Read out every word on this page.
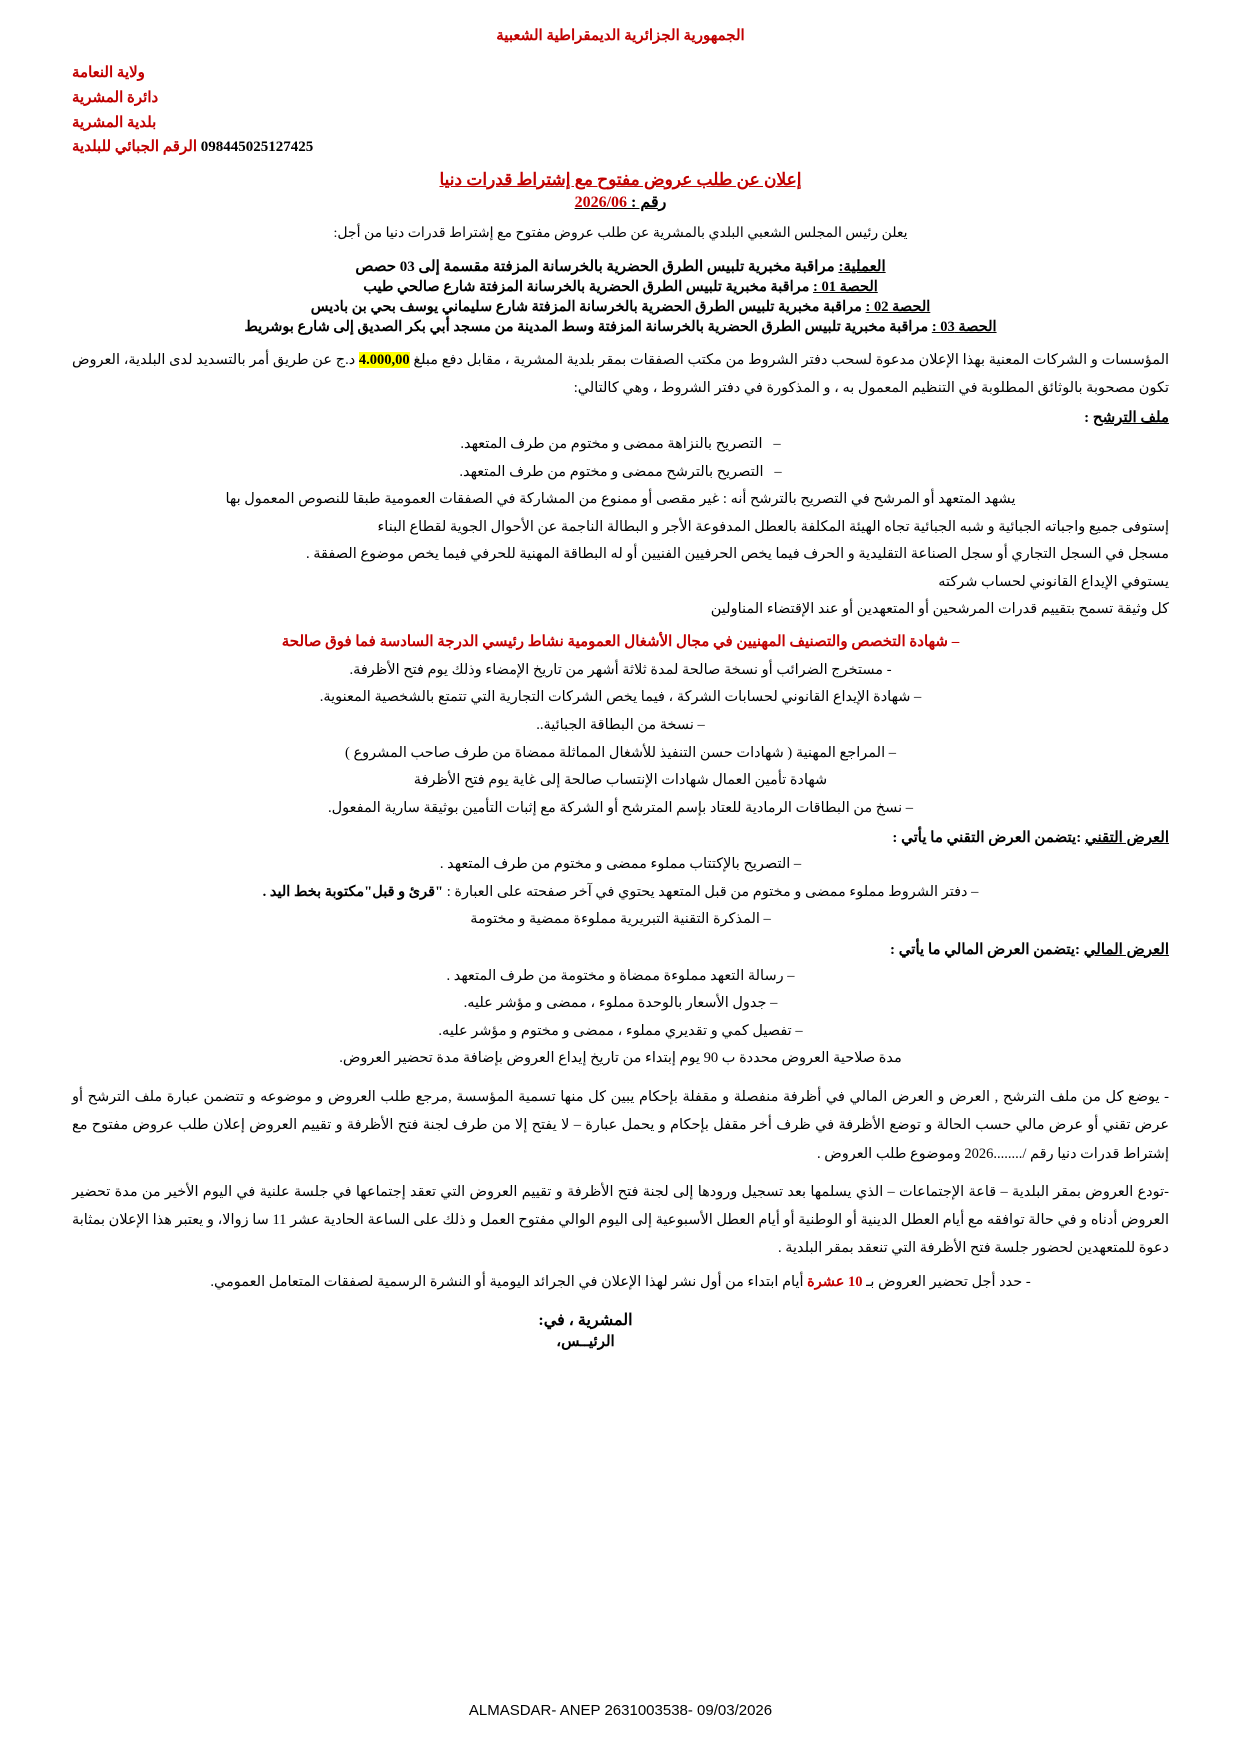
الجمهورية الجزائرية الديمقراطية الشعبية
ولاية النعامة
دائرة المشرية
بلدية المشرية
098445025127425 الرقم الجبائي للبلدية
إعلان عن طلب عروض مفتوح مع إشتراط قدرات دنيا
رقم : 2026/06

يعلن رئيس المجلس الشعبي البلدي بالمشرية عن طلب عروض مفتوح مع إشتراط قدرات دنيا من أجل:

العملية: مراقبة مخبرية تلبيس الطرق الحضرية بالخرسانة المزفتة مقسمة إلى 03 حصص
الحصة 01 : مراقبة مخبرية تلبيس الطرق الحضرية بالخرسانة المزفتة شارع صالحي طيب
الحصة 02 : مراقبة مخبرية تلبيس الطرق الحضرية بالخرسانة المزفتة شارع سليماني يوسف بحي بن باديس
الحصة 03 : مراقبة مخبرية تلبيس الطرق الحضرية بالخرسانة المزفتة وسط المدينة من مسجد أبي بكر الصديق إلى شارع بوشريط

المؤسسات و الشركات المعنية بهذا الإعلان مدعوة لسحب دفتر الشروط من مكتب الصفقات بمقر بلدية المشرية ، مقابل دفع مبلغ 4.000,00 د.ج عن طريق أمر بالتسديد لدى البلدية، العروض تكون مصحوبة بالوثائق المطلوبة في التنظيم المعمول به ، و المذكورة في دفتر الشروط ، وهي كالتالي:

ملف الترشح :
–   التصريح بالنزاهة ممضى و مختوم من طرف المتعهد.
–   التصريح بالترشح ممضى و مختوم من طرف المتعهد.
يشهد المتعهد أو المرشح في التصريح بالترشح أنه : غير مقصى أو ممنوع من المشاركة في الصفقات العمومية طبقا للنصوص المعمول بها
إستوفى جميع واجباته الجبائية و شبه الجبائية تجاه الهيئة المكلفة بالعطل المدفوعة الأجر و البطالة الناجمة عن الأحوال الجوية لقطاع البناء
مسجل في السجل التجاري أو سجل الصناعة التقليدية و الحرف فيما يخص الحرفيين الفنيين أو له البطاقة المهنية للحرفي فيما يخص موضوع الصفقة .
يستوفي الإيداع القانوني لحساب شركته
كل وثيقة تسمح بتقييم قدرات المرشحين أو المتعهدين أو عند الإقتضاء المناولين
– شهادة التخصص والتصنيف المهنيين في مجال الأشغال العمومية نشاط رئيسي الدرجة السادسة فما فوق صالحة
- مستخرج الضرائب أو نسخة صالحة لمدة ثلاثة أشهر من تاريخ الإمضاء وذلك يوم فتح الأظرفة.
– شهادة الإيداع القانوني لحسابات الشركة ، فيما يخص الشركات التجارية التي تتمتع بالشخصية المعنوية.
– نسخة من البطاقة الجبائية..
– المراجع المهنية ( شهادات حسن التنفيذ للأشغال المماثلة ممضاة من طرف صاحب المشروع )
شهادة تأمين العمال شهادات الإنتساب صالحة إلى غاية يوم فتح الأظرفة
– نسخ من البطاقات الرمادية للعتاد بإسم المترشح أو الشركة مع إثبات التأمين بوثيقة سارية المفعول.
العرض التقني :يتضمن العرض التقني ما يأتي :
– التصريح بالإكتتاب مملوء ممضى و مختوم من طرف المتعهد .
– دفتر الشروط مملوء ممضى و مختوم من قبل المتعهد يحتوي في آخر صفحته على العبارة : "قرئ و قبل"مكتوبة بخط اليد .
– المذكرة التقنية التبريرية مملوءة ممضية و مختومة
العرض المالي :يتضمن العرض المالي ما يأتي :
– رسالة التعهد مملوءة ممضاة و مختومة من طرف المتعهد .
– جدول الأسعار بالوحدة مملوء ، ممضى و مؤشر عليه.
– تفصيل كمي و تقديري مملوء ، ممضى و مختوم و مؤشر عليه.
مدة صلاحية العروض محددة ب 90 يوم إبتداء من تاريخ إيداع العروض بإضافة مدة تحضير العروض.

- يوضع كل من ملف الترشح , العرض و العرض المالي في أظرفة منفصلة و مقفلة بإحكام يبين كل منها تسمية المؤسسة ,مرجع طلب العروض و موضوعه و تتضمن عبارة ملف الترشح أو عرض تقني أو عرض مالي حسب الحالة و توضع الأظرفة في ظرف أخر مقفل بإحكام و يحمل عبارة – لا يفتح إلا من طرف لجنة فتح الأظرفة و تقييم العروض إعلان طلب عروض مفتوح مع إشتراط قدرات دنيا رقم /........2026 وموضوع طلب العروض .

-تودع العروض بمقر البلدية – قاعة الإجتماعات – الذي يسلمها بعد تسجيل ورودها إلى لجنة فتح الأظرفة و تقييم العروض التي تعقد إجتماعها في جلسة علنية في اليوم الأخير من مدة تحضير العروض أدناه و في حالة توافقه مع أيام العطل الدينية أو الوطنية أو أيام العطل الأسبوعية إلى اليوم الوالي مفتوح العمل و ذلك على الساعة الحادية عشر 11 سا زوالا، و يعتبر هذا الإعلان بمثابة دعوة للمتعهدين لحضور جلسة فتح الأظرفة التي تنعقد بمقر البلدية .

- حدد أجل تحضير العروض بـ 10 عشرة أيام ابتداء من أول نشر لهذا الإعلان في الجرائد اليومية أو النشرة الرسمية لصفقات المتعامل العمومي.
المشرية ، في:
الرئيــس،
ALMASDAR- ANEP 2631003538- 09/03/2026
